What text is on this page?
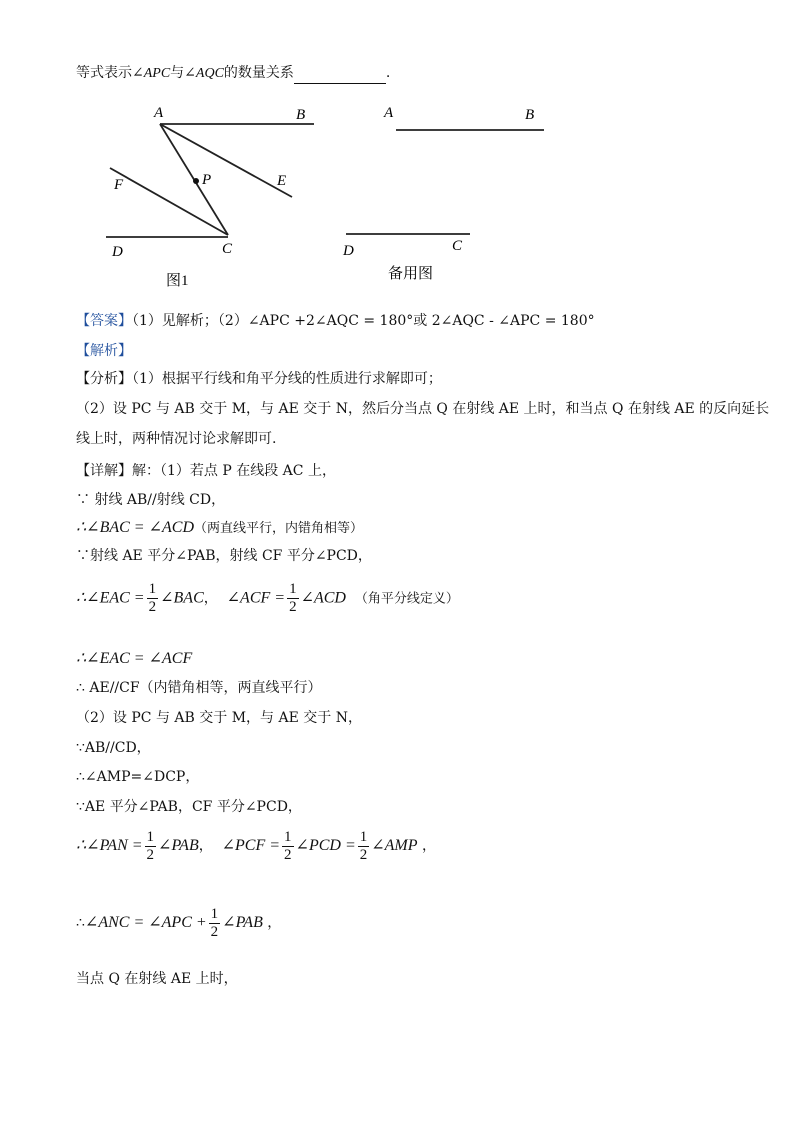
等式表示∠APC与∠AQC的数量关系	.
A	B
P	E
F
D	C
图1
A	B
D	C
备用图
【答案】（1）见解析；（2）∠APC +2∠AQC = 180°或 2∠AQC - ∠APC = 180°
【解析】
【分析】（1）根据平行线和角平分线的性质进行求解即可；
（2）设 PC 与 AB 交于 M，与 AE 交于 N，然后分当点 Q 在射线 AE 上时，和当点 Q 在射线 AE 的反向延长
线上时，两种情况讨论求解即可.
【详解】解：（1）若点 P 在线段 AC 上，
∵ 射线 AB//射线 CD，
∴∠BAC = ∠ACD（两直线平行，内错角相等）
∵射线 AE 平分∠PAB，射线 CF 平分∠PCD，
∴∠EAC = $\frac{1}{2}$ ∠BAC， ∠ACF = $\frac{1}{2}$ ∠ACD （角平分线定义）
∴∠EAC = ∠ACF
∴ AE//CF（内错角相等，两直线平行）
（2）设 PC 与 AB 交于 M，与 AE 交于 N，
∵AB//CD，
∴∠AMP=∠DCP，
∵AE 平分∠PAB，CF 平分∠PCD，
∴∠PAN = $\frac{1}{2}$ ∠PAB， ∠PCF = $\frac{1}{2}$ ∠PCD = $\frac{1}{2}$ ∠AMP ，
∴∠ANC = ∠APC + $\frac{1}{2}$ ∠PAB ，
当点 Q 在射线 AE 上时，
